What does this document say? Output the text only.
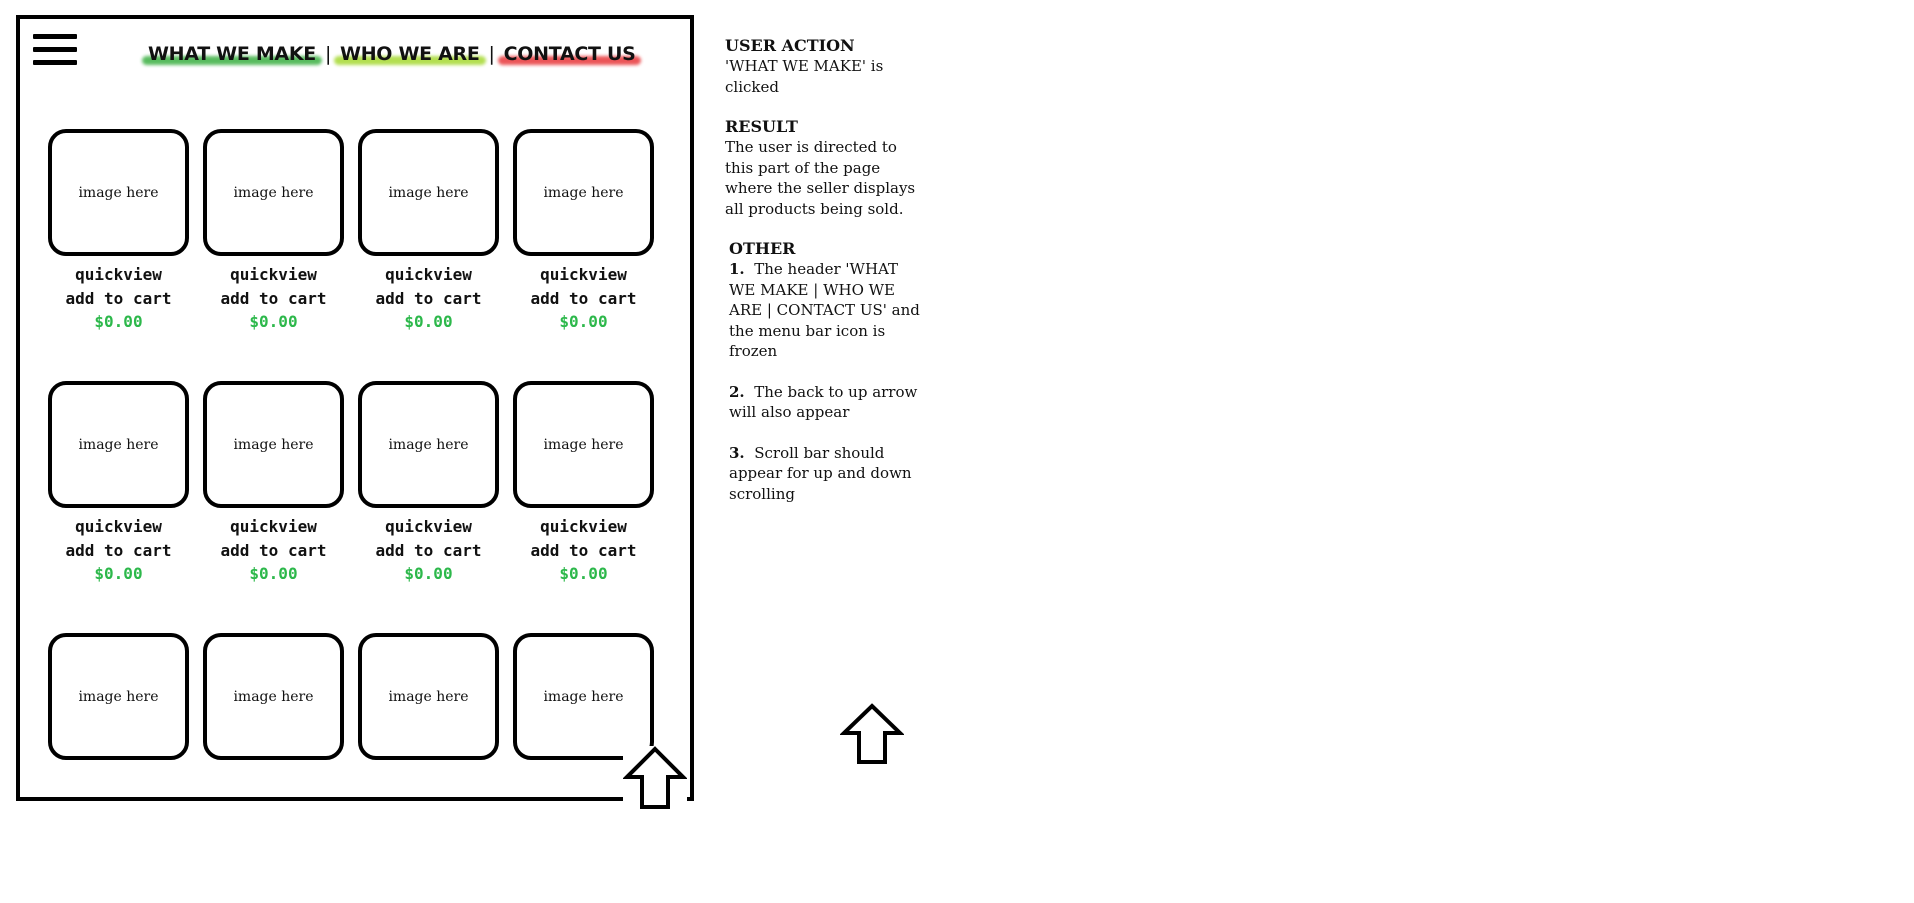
WHAT WE MAKE | WHO WE ARE | CONTACT US
image here
quickview
add to cart
$0.00
image here
quickview
add to cart
$0.00
image here
quickview
add to cart
$0.00
image here
quickview
add to cart
$0.00
image here
quickview
add to cart
$0.00
image here
quickview
add to cart
$0.00
image here
quickview
add to cart
$0.00
image here
quickview
add to cart
$0.00
image here	image here	image here	image here
USER ACTION

'WHAT WE MAKE' is clicked

RESULT

The user is directed to this part of the page where the seller displays all products being sold.

OTHER
1. The header 'WHAT WE MAKE | WHO WE ARE | CONTACT US' and the menu bar icon is frozen
2. The back to up arrow will also appear
3. Scroll bar should appear for up and down scrolling
